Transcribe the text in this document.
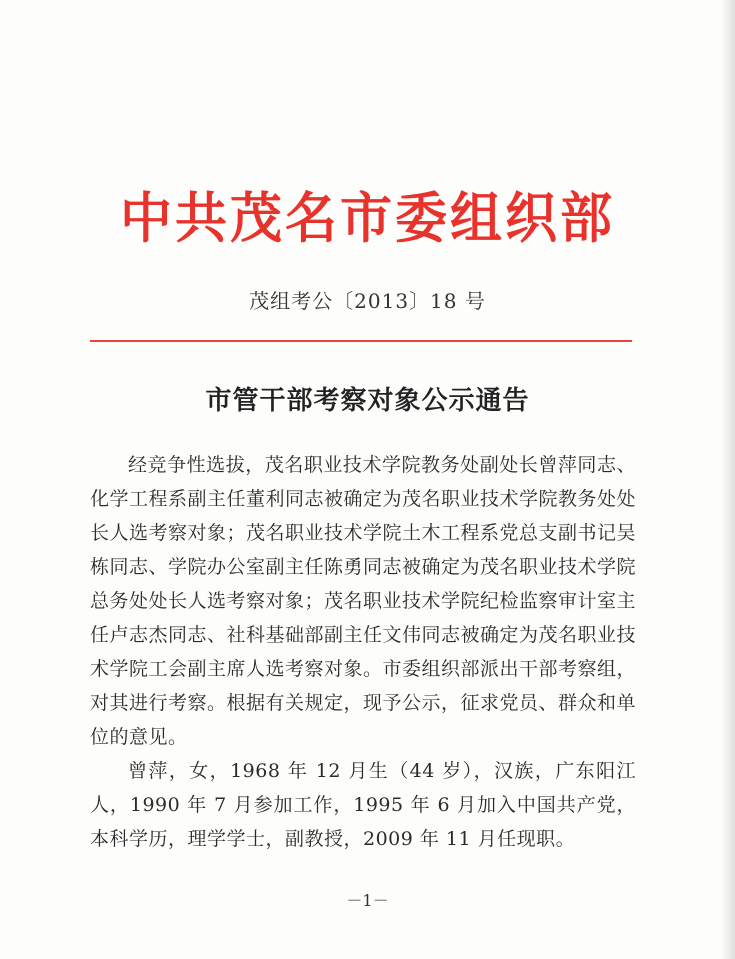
中共茂名市委组织部
茂组考公〔2013〕18 号
市管干部考察对象公示通告

经竞争性选拔，茂名职业技术学院教务处副处长曾萍同志、化学工程系副主任董利同志被确定为茂名职业技术学院教务处处长人选考察对象；茂名职业技术学院土木工程系党总支副书记吴栋同志、学院办公室副主任陈勇同志被确定为茂名职业技术学院总务处处长人选考察对象；茂名职业技术学院纪检监察审计室主任卢志杰同志、社科基础部副主任文伟同志被确定为茂名职业技术学院工会副主席人选考察对象。市委组织部派出干部考察组，对其进行考察。根据有关规定，现予公示，征求党员、群众和单位的意见。

曾萍，女，1968 年 12 月生（44 岁），汉族，广东阳江人，1990 年 7 月参加工作，1995 年 6 月加入中国共产党，本科学历，理学学士，副教授，2009 年 11 月任现职。

－1－
